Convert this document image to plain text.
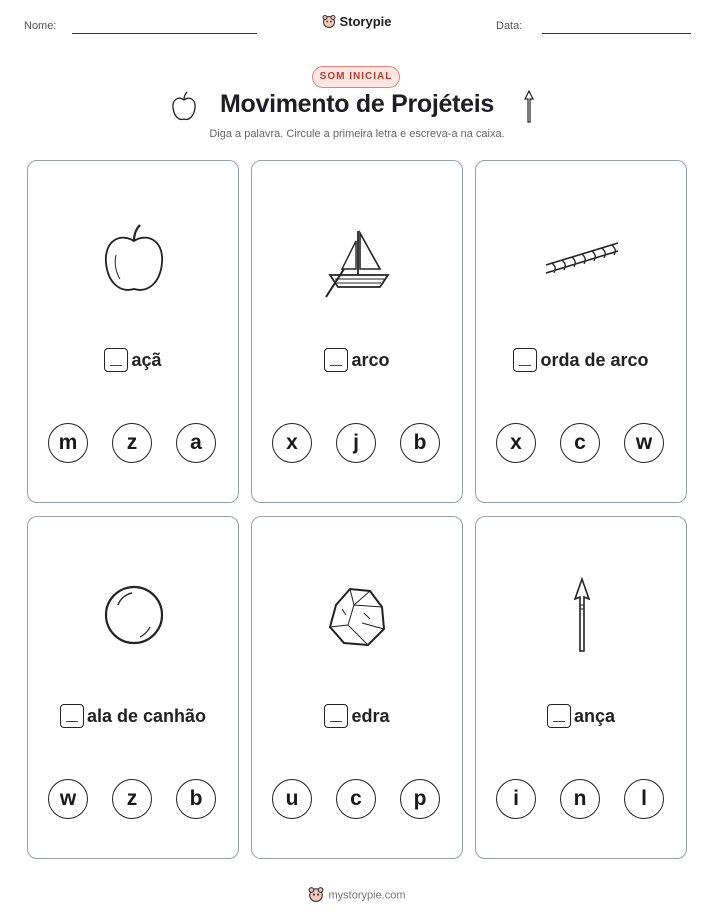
Nome:	Storypie	Data:
SOM INICIAL
Movimento de Projéteis
Diga a palavra. Circule a primeira letra e escreva-a na caixa.
açã
m	z	a
arco
x	j	b
orda de arco
x	c	w
ala de canhão
w	z	b
edra
u	c	p
ança
i	n	l
mystorypie.com
